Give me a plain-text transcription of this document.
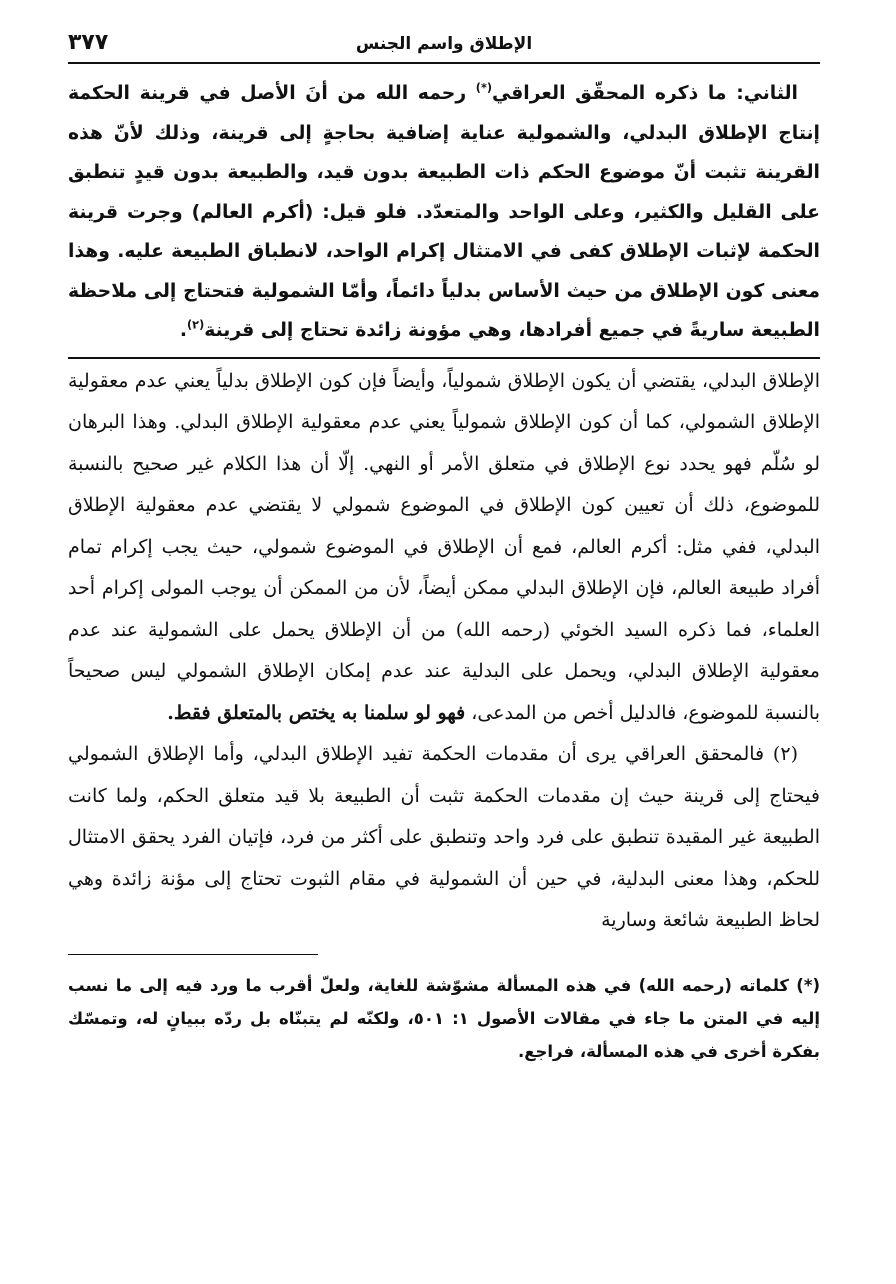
الإطلاق واسم الجنس
٣٧٧

الثاني: ما ذكره المحقّق العراقي(*) رحمه الله من أنَ الأصل في قرينة الحكمة إنتاج الإطلاق البدلي، والشمولية عناية إضافية بحاجةٍ إلى قرينة، وذلك لأنّ هذه القرينة تثبت أنّ موضوع الحكم ذات الطبيعة بدون قيد، والطبيعة بدون قيدٍ تنطبق على القليل والكثير، وعلى الواحد والمتعدّد. فلو قيل: (أكرم العالم) وجرت قرينة الحكمة لإثبات الإطلاق كفى في الامتثال إكرام الواحد، لانطباق الطبيعة عليه. وهذا معنى كون الإطلاق من حيث الأساس بدلياً دائماً، وأمّا الشمولية فتحتاج إلى ملاحظة الطبيعة ساريةً في جميع أفرادها، وهي مؤونة زائدة تحتاج إلى قرينة$^{(٢)}$.

الإطلاق البدلي، يقتضي أن يكون الإطلاق شمولياً، وأيضاً فإن كون الإطلاق بدلياً يعني عدم معقولية الإطلاق الشمولي، كما أن كون الإطلاق شمولياً يعني عدم معقولية الإطلاق البدلي. وهذا البرهان لو سُلّم فهو يحدد نوع الإطلاق في متعلق الأمر أو النهي. إلّا أن هذا الكلام غير صحيح بالنسبة للموضوع، ذلك أن تعيين كون الإطلاق في الموضوع شمولي لا يقتضي عدم معقولية الإطلاق البدلي، ففي مثل: أكرم العالم، فمع أن الإطلاق في الموضوع شمولي، حيث يجب إكرام تمام أفراد طبيعة العالم، فإن الإطلاق البدلي ممكن أيضاً، لأن من الممكن أن يوجب المولى إكرام أحد العلماء، فما ذكره السيد الخوئي (رحمه الله) من أن الإطلاق يحمل على الشمولية عند عدم معقولية الإطلاق البدلي، ويحمل على البدلية عند عدم إمكان الإطلاق الشمولي ليس صحيحاً بالنسبة للموضوع، فالدليل أخص من المدعى، فهو لو سلمنا به يختص بالمتعلق فقط.

(٢) فالمحقق العراقي يرى أن مقدمات الحكمة تفيد الإطلاق البدلي، وأما الإطلاق الشمولي فيحتاج إلى قرينة حيث إن مقدمات الحكمة تثبت أن الطبيعة بلا قيد متعلق الحكم، ولما كانت الطبيعة غير المقيدة تنطبق على فرد واحد وتنطبق على أكثر من فرد، فإتيان الفرد يحقق الامتثال للحكم، وهذا معنى البدلية، في حين أن الشمولية في مقام الثبوت تحتاج إلى مؤنة زائدة وهي لحاظ الطبيعة شائعة وسارية

(*) كلماته (رحمه الله) في هذه المسألة مشوّشة للغاية، ولعلّ أقرب ما ورد فيه إلى ما نسب إليه في المتن ما جاء في مقالات الأصول ١: ٥٠١، ولكنّه لم يتبنّاه بل ردّه ببيانٍ له، وتمسّك بفكرة أخرى في هذه المسألة، فراجع.
